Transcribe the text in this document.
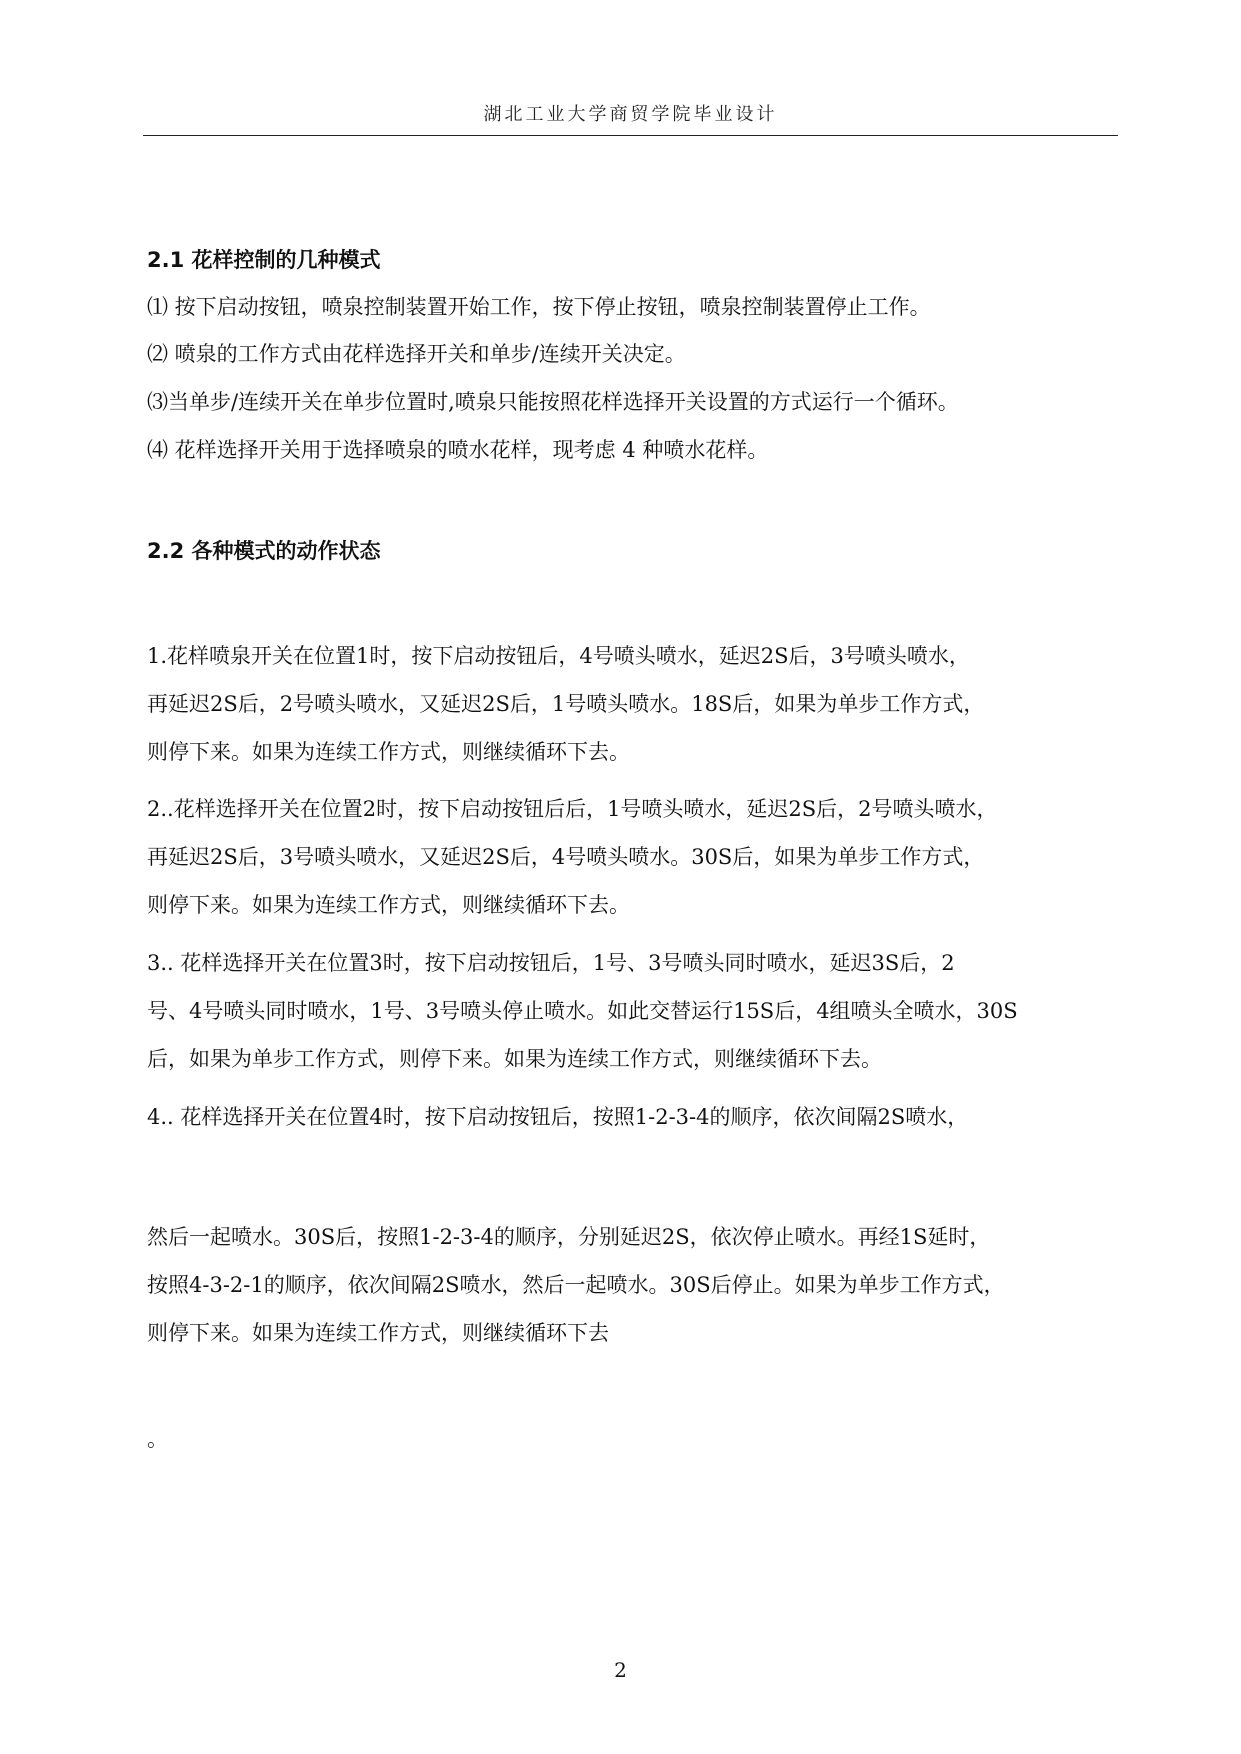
湖北工业大学商贸学院毕业设计
2.1 花样控制的几种模式
⑴ 按下启动按钮，喷泉控制装置开始工作，按下停止按钮，喷泉控制装置停止工作。
⑵ 喷泉的工作方式由花样选择开关和单步/连续开关决定。
⑶当单步/连续开关在单步位置时,喷泉只能按照花样选择开关设置的方式运行一个循环。
⑷ 花样选择开关用于选择喷泉的喷水花样，现考虑 4 种喷水花样。
2.2 各种模式的动作状态
1.花样喷泉开关在位置1时，按下启动按钮后，4号喷头喷水，延迟2S后，3号喷头喷水，
再延迟2S后，2号喷头喷水，又延迟2S后，1号喷头喷水。18S后，如果为单步工作方式，
则停下来。如果为连续工作方式，则继续循环下去。
2..花样选择开关在位置2时，按下启动按钮后后，1号喷头喷水，延迟2S后，2号喷头喷水，
再延迟2S后，3号喷头喷水，又延迟2S后，4号喷头喷水。30S后，如果为单步工作方式，
则停下来。如果为连续工作方式，则继续循环下去。
3.. 花样选择开关在位置3时，按下启动按钮后，1号、3号喷头同时喷水，延迟3S后，2
号、4号喷头同时喷水，1号、3号喷头停止喷水。如此交替运行15S后，4组喷头全喷水，30S
后，如果为单步工作方式，则停下来。如果为连续工作方式，则继续循环下去。
4.. 花样选择开关在位置4时，按下启动按钮后，按照1-2-3-4的顺序，依次间隔2S喷水，
然后一起喷水。30S后，按照1-2-3-4的顺序，分别延迟2S，依次停止喷水。再经1S延时，
按照4-3-2-1的顺序，依次间隔2S喷水，然后一起喷水。30S后停止。如果为单步工作方式，
则停下来。如果为连续工作方式，则继续循环下去
。
2
